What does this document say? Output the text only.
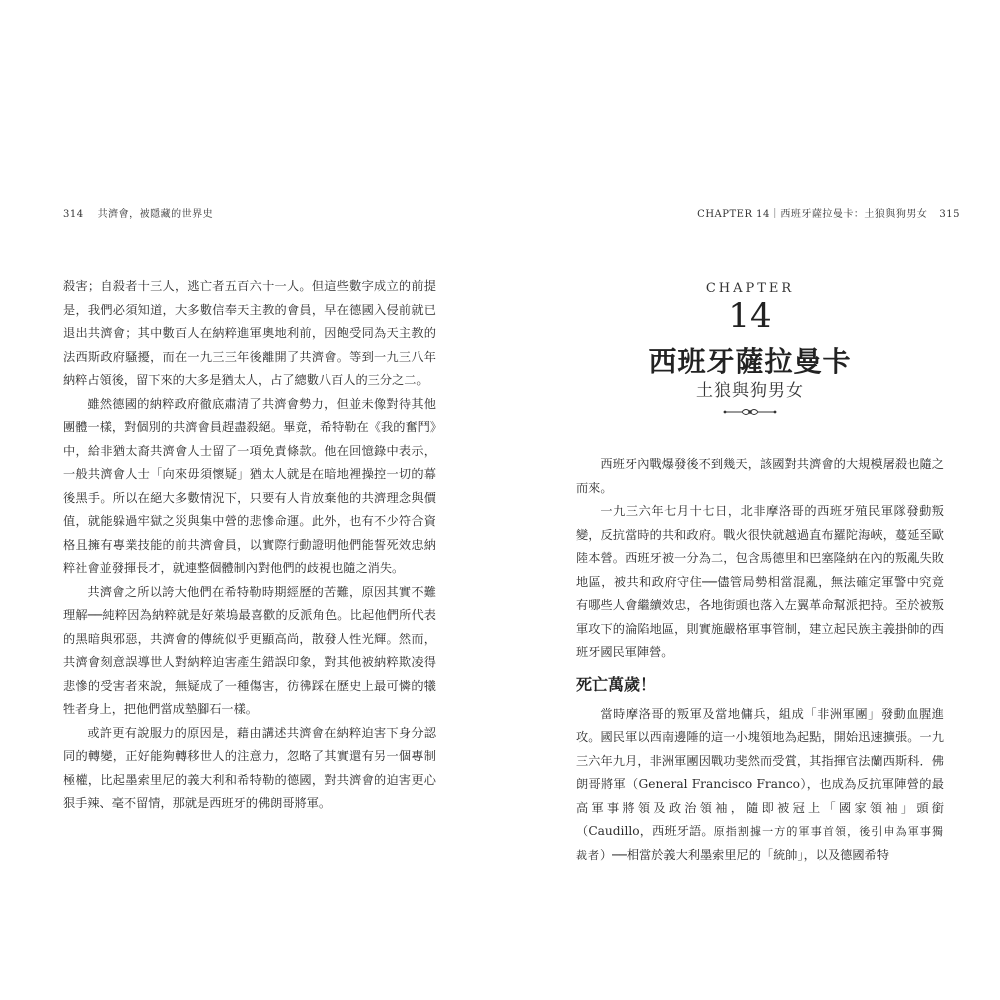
314 共濟會，被隱藏的世界史

殺害；自殺者十三人，逃亡者五百六十一人。但這些數字成立的前提是，我們必須知道，大多數信奉天主教的會員，早在德國入侵前就已退出共濟會；其中數百人在納粹進軍奧地利前，因飽受同為天主教的法西斯政府騷擾，而在一九三三年後離開了共濟會。等到一九三八年納粹占領後，留下來的大多是猶太人，占了總數八百人的三分之二。

雖然德國的納粹政府徹底肅清了共濟會勢力，但並未像對待其他團體一樣，對個別的共濟會員趕盡殺絕。畢竟，希特勒在《我的奮鬥》中，給非猶太裔共濟會人士留了一項免責條款。他在回憶錄中表示，一般共濟會人士「向來毋須懷疑」猶太人就是在暗地裡操控一切的幕後黑手。所以在絕大多數情況下，只要有人肯放棄他的共濟理念與價值，就能躲過牢獄之災與集中營的悲慘命運。此外，也有不少符合資格且擁有專業技能的前共濟會員，以實際行動證明他們能誓死效忠納粹社會並發揮長才，就連整個體制內對他們的歧視也隨之消失。

共濟會之所以誇大他們在希特勒時期經歷的苦難，原因其實不難理解──純粹因為納粹就是好萊塢最喜歡的反派角色。比起他們所代表的黑暗與邪惡，共濟會的傳統似乎更顯高尚，散發人性光輝。然而，共濟會刻意誤導世人對納粹迫害產生錯誤印象，對其他被納粹欺凌得悲慘的受害者來說，無疑成了一種傷害，彷彿踩在歷史上最可憐的犧牲者身上，把他們當成墊腳石一樣。

或許更有說服力的原因是，藉由講述共濟會在納粹迫害下身分認同的轉變，正好能夠轉移世人的注意力，忽略了其實還有另一個專制極權，比起墨索里尼的義大利和希特勒的德國，對共濟會的迫害更心狠手辣、毫不留情，那就是西班牙的佛朗哥將軍。

CHAPTER 14｜西班牙薩拉曼卡：土狼與狗男女 315
CHAPTER
14
西班牙薩拉曼卡
土狼與狗男女

西班牙內戰爆發後不到幾天，該國對共濟會的大規模屠殺也隨之而來。

一九三六年七月十七日，北非摩洛哥的西班牙殖民軍隊發動叛變，反抗當時的共和政府。戰火很快就越過直布羅陀海峽，蔓延至歐陸本營。西班牙被一分為二，包含馬德里和巴塞隆納在內的叛亂失敗地區，被共和政府守住──儘管局勢相當混亂，無法確定軍警中究竟有哪些人會繼續效忠，各地街頭也落入左翼革命幫派把持。至於被叛軍攻下的淪陷地區，則實施嚴格軍事管制，建立起民族主義掛帥的西班牙國民軍陣營。

死亡萬歲！

當時摩洛哥的叛軍及當地傭兵，組成「非洲軍團」發動血腥進攻。國民軍以西南邊陲的這一小塊領地為起點，開始迅速擴張。一九三六年九月，非洲軍團因戰功斐然而受賞，其指揮官法蘭西斯科．佛朗哥將軍（General Francisco Franco），也成為反抗軍陣營的最高軍事將領及政治領袖，隨即被冠上「國家領袖」頭銜（Caudillo，西班牙語。原指割據一方的軍事首領，後引申為軍事獨裁者）──相當於義大利墨索里尼的「統帥」，以及德國希特
